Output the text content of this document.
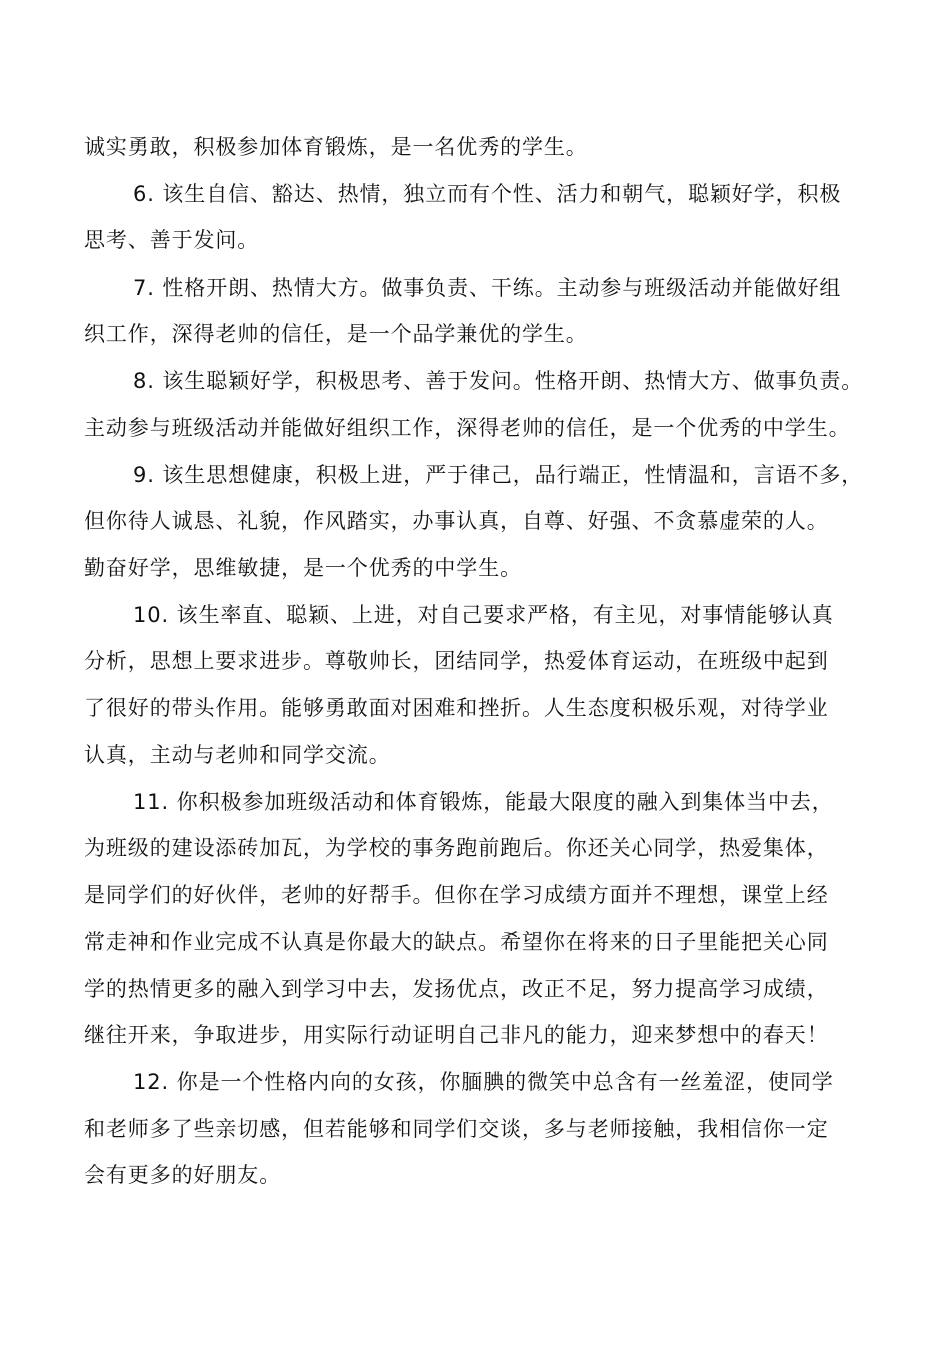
诚实勇敢，积极参加体育锻炼，是一名优秀的学生。
6. 该生自信、豁达、热情，独立而有个性、活力和朝气，聪颖好学，积极
思考、善于发问。
7. 性格开朗、热情大方。做事负责、干练。主动参与班级活动并能做好组
织工作，深得老帅的信任，是一个品学兼优的学生。
8. 该生聪颖好学，积极思考、善于发问。性格开朗、热情大方、做事负责。
主动参与班级活动并能做好组织工作，深得老帅的信任，是一个优秀的中学生。
9. 该生思想健康，积极上进，严于律己，品行端正，性情温和，言语不多，
但你待人诚恳、礼貌，作风踏实，办事认真，自尊、好强、不贪慕虚荣的人。
勤奋好学，思维敏捷，是一个优秀的中学生。
10. 该生率直、聪颖、上进，对自己要求严格，有主见，对事情能够认真
分析，思想上要求进步。尊敬帅长，团结同学，热爱体育运动，在班级中起到
了很好的带头作用。能够勇敢面对困难和挫折。人生态度积极乐观，对待学业
认真，主动与老帅和同学交流。
11. 你积极参加班级活动和体育锻炼，能最大限度的融入到集体当中去，
为班级的建设添砖加瓦，为学校的事务跑前跑后。你还关心同学，热爱集体，
是同学们的好伙伴，老帅的好帮手。但你在学习成绩方面并不理想，课堂上经
常走神和作业完成不认真是你最大的缺点。希望你在将来的日子里能把关心同
学的热情更多的融入到学习中去，发扬优点，改正不足，努力提高学习成绩，
继往开来，争取进步，用实际行动证明自己非凡的能力，迎来梦想中的春天！
12. 你是一个性格内向的女孩，你腼腆的微笑中总含有一丝羞涩，使同学
和老师多了些亲切感，但若能够和同学们交谈，多与老师接触，我相信你一定
会有更多的好朋友。
